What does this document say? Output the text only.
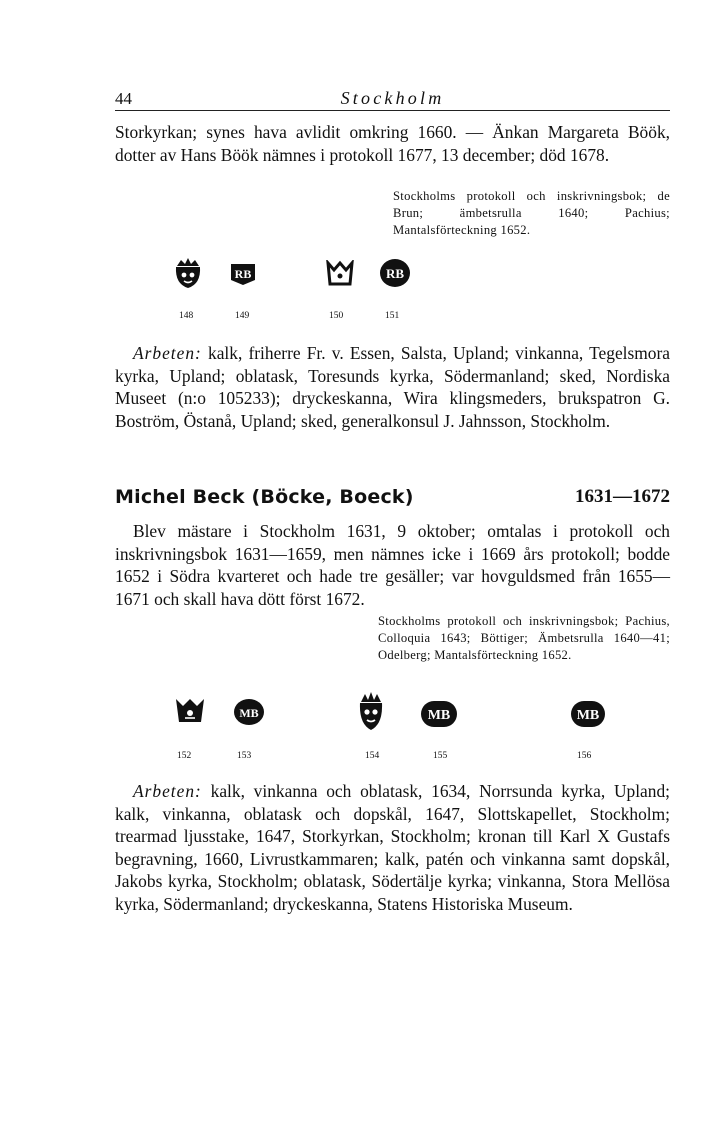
44	Stockholm

Storkyrkan; synes hava avlidit omkring 1660. — Änkan Margareta Böök, dotter av Hans Böök nämnes i protokoll 1677, 13 december; död 1678.

Stockholms protokoll och inskrivningsbok; de Brun; ämbetsrulla 1640; Pachius; Mantalsförteckning 1652.

RB	RB
148	149	150	151

Arbeten: kalk, friherre Fr. v. Essen, Salsta, Upland; vinkanna, Tegelsmora kyrka, Upland; oblatask, Toresunds kyrka, Södermanland; sked, Nordiska Museet (n:o 105233); dryckeskanna, Wira klingsmeders, brukspatron G. Boström, Östanå, Upland; sked, generalkonsul J. Jahnsson, Stockholm.

Michel Beck (Böcke, Boeck)	1631—1672

Blev mästare i Stockholm 1631, 9 oktober; omtalas i protokoll och inskrivningsbok 1631—1659, men nämnes icke i 1669 års protokoll; bodde 1652 i Södra kvarteret och hade tre gesäller; var hovguldsmed från 1655—1671 och skall hava dött först 1672.

Stockholms protokoll och inskrivningsbok; Pachius, Colloquia 1643; Böttiger; Ämbetsrulla 1640—41; Odelberg; Mantalsförteckning 1652.

MB	MB	MB
152	153	154	155	156

Arbeten: kalk, vinkanna och oblatask, 1634, Norrsunda kyrka, Upland; kalk, vinkanna, oblatask och dopskål, 1647, Slottskapellet, Stockholm; trearmad ljusstake, 1647, Storkyrkan, Stockholm; kronan till Karl X Gustafs begravning, 1660, Livrustkammaren; kalk, patén och vinkanna samt dopskål, Jakobs kyrka, Stockholm; oblatask, Södertälje kyrka; vinkanna, Stora Mellösa kyrka, Södermanland; dryckeskanna, Statens Historiska Museum.
